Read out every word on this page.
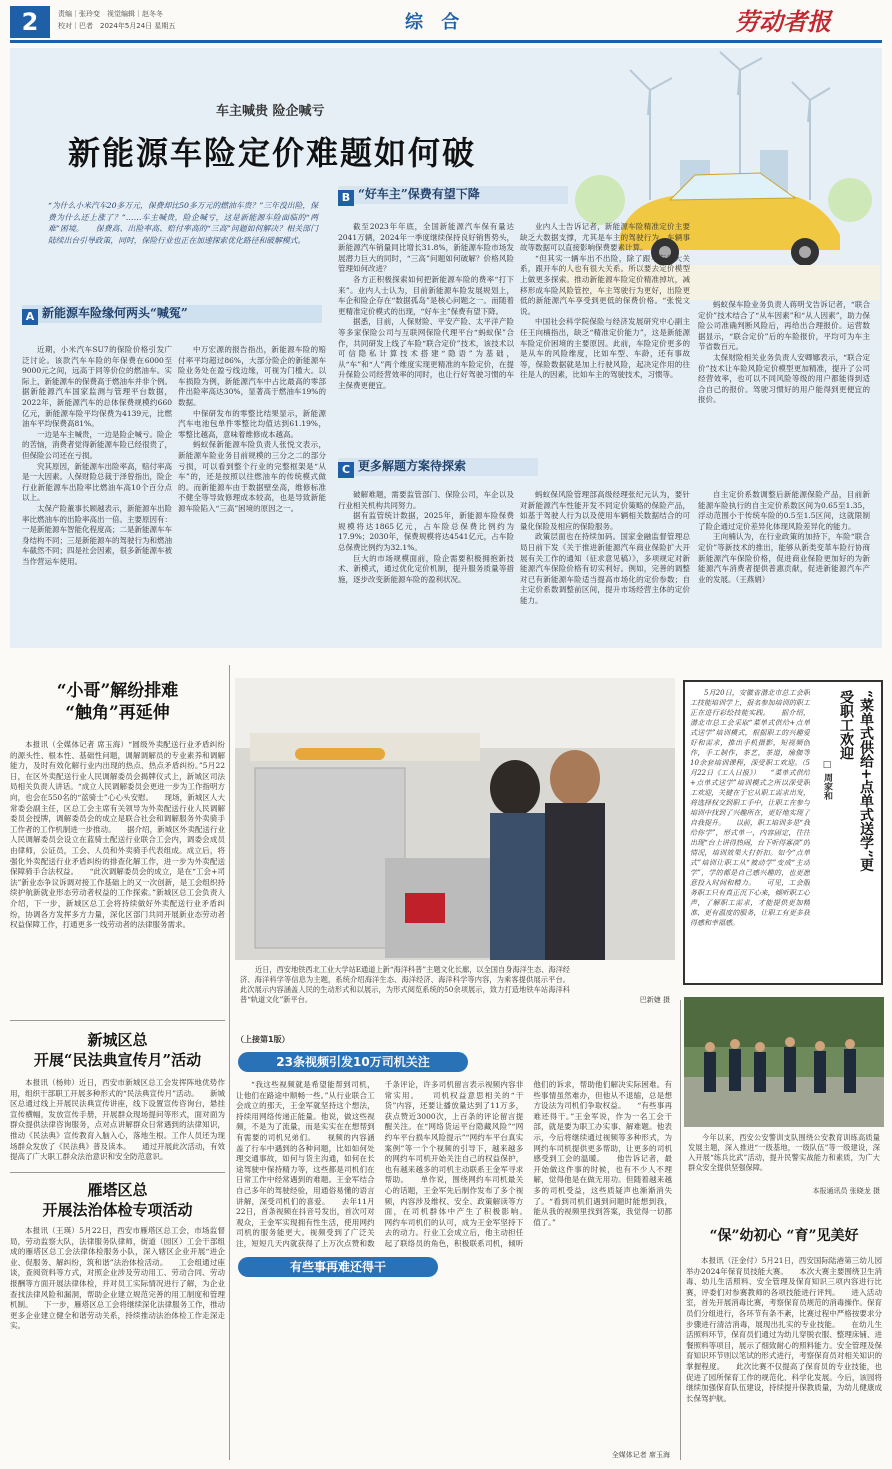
2	责编｜张玲变　视觉编辑｜赵冬冬
校对｜巴者　2024年5月24日 星期五	综 合	劳动者报
车主喊贵 险企喊亏
新能源车险定价难题如何破
“为什么小米汽车20多万元，保费却比50多万元的燃油车贵？”三年没出险，保费为什么还上涨了？”……车主喊贵，险企喊亏，这是新能源车险面临的“两难”困境。　　保费高、出险率高、赔付率高的“三高”问题如何解决？相关部门陆续出台引导政策，同时，保险行业也正在加速探索优化路径和破解模式。
A $^{新能源车险缘何两头“喊冤”}$

近期，小米汽车SU7的保险价格引发广泛讨论。该款汽车车险的年保费在6000至9000元之间，远高于同等价位的燃油车。实际上，新能源车的保费高于燃油车并非个例。据新能源汽车国家监测与管理平台数据，2022年，新能源汽车的总体保费规模约660亿元，新能源车险平均保费为4139元，比燃油车平均保费高81%。

一边是车主喊贵，一边是险企喊亏。险企的苦恼，消费者觉得新能源车险已经很贵了，但保险公司还在亏损。

究其原因，新能源车出险率高，赔付率高是一大因素。人保财险总裁于泽曾指出，险企行业新能源车出险率比燃油车高10个百分点以上。

太保产险董事长顾越表示，新能源车出险率比燃油车的出险率高出一倍。主要原因有：一是新能源车智能化程度高；二是新能源车车身结构不同；三是新能源车的驾驶行为和燃油车截然不同；四是社会因素，很多新能源车被当作营运车使用。

中万宏源的报告指出，新能源车险的赔付率平均超过86%，大部分险企的新能源车险业务处在盈亏线边缘，可视为门槛大。以车损险为例，新能源汽车中占比最高的零部件出险率高达30%，显著高于燃油车19%的数据。

中保研发布的零整比结果显示，新能源汽车电池包单件零整比均值达到61.19%，零整比越高，意味着维修成本越高。

蚂蚁保新能源车险负责人张悦文表示，新能源车险业务目前规模的三分之二的部分亏损，可以看到整个行业的完整框架是“从车”的，还是按照以往燃油车的传统模式做的。而新能源车由于数据壁垒高，维修标准不健全等导致修理成本较高，也是导致新能源车险陷入“三高”困境的原因之一。

B $^{“好车主”保费有望下降}$

截至2023年年底，全国新能源汽车保有量达2041万辆，2024年一季度继续保持良好销售势头，新能源汽车销量同比增长31.8%，新能源车险市场发展潜力巨大的同时，“三高”问题如何破解？价格风险管理如何改进？

各方正积极探索如何把新能源车险的费率“打下来”。业内人士认为，目前新能源车险发展规划上，车企和险企存在“数据孤岛”是核心问题之一。而随着更精准定价模式的出现，“好车主”保费有望下降。

据悉，目前，人保财险、平安产险、太平洋产险等多家保险公司与互联网保险代理平台“蚂蚁保”合作，共同研发上线了车险“联合定价”技术，该技术以可信隐私计算技术搭建“隐语”为基础，从“车”和“人”两个维度实现更精准的车险定价，在提升保险公司经营效率的同时，也让行好驾驶习惯的车主保费更便宜。

业内人士告诉记者，新能源车险精准定价主要缺乏大数据支撑，尤其是车主的驾驶行为，车辆事故等数据可以直接影响保费要素计算。

“但其实一辆车出不出险，除了跟车有很大关系，跟开车的人也有很大关系。所以要去定价模型上做更多探索。推动新能源车险定价精准掉坑，减移形成车险风险管控，车主驾驶行为更好，出险更低的新能源汽车享受到更低的保费价格。“张悦文说。

中国社会科学院保险与经济发展研究中心副主任王向楠指出，缺乏“精准定价能力”，这是新能源车险定价困境的主要原因。此前，车险定价更多的是从车的风险维度，比如车型、车龄，还有事故等，保险数据就是加上行驶风险，起决定作用的往往是人的因素，比如车主的驾驶技术，习惯等。

蚂蚁保车险业务负责人蒋明戈告诉记者，“联合定价”技术结合了“从车因素”和“从人因素”，助力保险公司准确判断风险后，再给出合理报价。运营数据显示，“联合定价”后的车险报价，平均可为车主节省数百元。

太保财险相关业务负责人安卿娜表示，“联合定价”技术让车险风险定价模型更加精准，提升了公司经营效率，也可以不同风险等级的用户都能得到适合自己的报价。驾驶习惯好的用户能得到更便宜的报价。

C $^{更多解题方案待探索}$

破解难题，需要监管部门、保险公司，车企以及行业相关机构共同努力。

据有监管统计数据，2025年，新能源车险保费规模将达1865亿元，占车险总保费比例约为17.9%；2030年，保费规模将达4541亿元，占车险总保费比例约为32.1%。

巨大的市场规模面前，险企需要积极拥抱新技术、新模式，通过优化定价机制，提升服务质量等措施，逐步改变新能源车险的盈利状况。

蚂蚁保风险管理部高级经理张纪元认为，要针对新能源汽车性能开发不同定价策略的保险产品，如基于驾驶人行为以及使用车辆相关数据结合的可量化保险及相应的保险服务。

政策层面也在持续加码。国家金融监督管理总局日前下发《关于推进新能源汽车商业保险扩大开展有关工作的通知（征求意见稿）》，多项规定对新能源汽车保险价格有切实利好。例如，完善的调整对已有新能源车险适当提高市场化的定价参数；自主定价系数调整前区间，提升市场经营主体的定价能力。

自主定价系数调整后新能源保险产品，目前新能源车险执行的自主定价系数区间为0.65至1.35，浮动范围小于传统车险的0.5至1.5区间，这就限制了险企通过定价差异化体现风险差异化的能力。

王向楠认为，在行业政策的加持下，车险“联合定价”等新技术的推出，能够从新类变革车险行协商新能源汽车保险价格，促进商业保险更加好的为新能源汽车消费者提供普惠贡献，促进新能源汽车产业的发展。（王燕娟）

“小哥”解纷排难
“触角”再延伸
本报讯（全媒体记者 席玉海）“圆级外卖配送行业矛盾纠纷的源头性、根本性、基础性问题，调解调解员的专业素养和调解能力，及时有效化解行业内出现的热点、热点矛盾纠纷。”5月22日，在区外卖配送行业人民调解委员会揭牌仪式上，新城区司法局相关负责人讲话。“成立人民调解委员会更进一步为工作指明方向，也会在550名的“蓝骑士”心心头安慰。　　现场，新城区人大常委会副主任，区总工会主席有关领导为外卖配送行业人民调解委员会授牌，调解委员会的成立是联合社会和调解服务外卖骑手工作者的工作机制进一步推动。　　据介绍，新城区外卖配送行业人民调解委员会设立在蓝骑士配送行业联合工会内，调委会成员由律师，公证员，工会、人员和外卖骑手代表组成。成立后，将强化外卖配送行业矛盾纠纷的排查化解工作，进一步为外卖配送保障骑手合法权益。　　“此次调解委员会的成立，是在“工会+司法”新业态争议诉调对接工作基础上的又一次创新，是工会组织持续护航新就业形态劳动者权益的工作探索。”新城区总工会负责人介绍，下一步，新城区总工会将持续做好外卖配送行业矛盾纠纷，协调各方发挥多方力量，深化区部门共同开展新业态劳动者权益保障工作，打通更多一线劳动者的法律服务需求。
新城区总
开展“民法典宣传月”活动
本报讯（杨帅）近日，西安市新城区总工会发挥阵地优势作用，组织干部职工开展多种形式的“民法典宣传月”活动。　　新城区总通过线上开展民法典宣传讲座，线下设置宣传咨询台，悬挂宣传横幅，发放宣传手册，开展群众现场提问等形式，面对面为群众提供法律咨询服务，点对点讲解群众日常遇到的法律知识，推动《民法典》宣传教育入脑入心，落地生根。工作人员还为现场群众发放了《民法典》普及读本。　　通过开展此次活动，有效提高了广大职工群众法治意识和安全防范意识。
雁塔区总
开展法治体检专项活动
本报讯（王瑛）5月22日，西安市雁塔区总工会，市场监督局，劳动监察大队，法律服务队律师，街道（园区）工会干部组成的雁塔区总工会法律体检服务小队，深入辖区企业开展“进企业、促服务、解纠纷，筑和谐”法治体检活动。　　工会组通过座谈，查阅资料等方式，对照企业涉及劳动用工、劳动合同、劳动报酬等方面开展法律体检，并对员工实际情况进行了解，为企业查找法律风险和漏洞，帮助企业建立规范完善的用工制度和管理机制。　　下一步，雁塔区总工会将继续深化法律服务工作，推动更多企业建立健全和谐劳动关系，持续推动法治体检工作走深走实。
近日，西安地铁西北工业大学站E通道上新“海洋科普”主题文化长廊，以全国自身海洋生态、海洋经济、海洋科学等信息为主题，系统介绍海洋生态、海洋经济、海洋科学等内容，为乘客提供展示平台。此次展示内容涵盖人民的生动形式和以展示，为形式阅览系统的50余项展示，致力打造地铁车站海洋科普“轨道文化”新平台。	巴新婕 摄
“菜单式供给+点单式送学”更受职工欢迎
□ 周家和
5月20日，安徽省潜北市总工会职工技能培训学上，报名参加培训的职工正在进行彩绘技能实践。　　据介绍，潜北市总工会采取“菜单式供给+点单式送学”培训模式，根据职工的兴趣爱好和需求，推出手机摄影，短视频创作，手工制作，茶艺，茶道，瑜伽等10余套培训课程，深受职工欢迎。（5月22日《工人日报》）　　“菜单式供给+点单式送学”培训模式之所以深受职工欢迎，关键在于它从职工需求出发，将选择权交到职工手中，让职工在参与培训中找到了兴趣所在，更好地实现了自我提升。　　以前，职工培训多是“我给你学”，形式单一，内容固定，往往出现“台上讲得热闹，台下听得寡淡”的情况，培训效果大打折扣。如今“点单式”培训让职工从“被动学”变成“主动学”，学的都是自己感兴趣的，也更愿意投入时间和精力。　　可见，工会服务职工只有真正沉下心来，倾听职工心声，了解职工需求，才能提供更加精准、更有温度的服务，让职工有更多获得感和幸福感。
今年以来，西安公安警训支队围绕公安教育训练高质量发展主题，深入推进“一级基地，一级队伍”等一级建设，深入开展“练兵比武”活动，提升民警实战能力和素质，为广大群众安全提供坚强保障。
本报通讯员 张晓龙 摄
（上接第1版）
23条视频引发10万司机关注

“我这些视频就是希望能帮到司机，让他们在路途中顺畅一些。”从行业联合工会成立的那天，王金军就坚持这个想法，持续用网络传递正能量。他说，做这些视频，不是为了流量，而是实实在在想帮到有需要的司机兄弟们。　　视频的内容涵盖了行车中遇到的各种问题，比如如何处理交通事故，如何与货主沟通，如何在长途驾驶中保持精力等，这些都是司机们在日常工作中经常遇到的难题。王金军结合自己多年的驾驶经验，用通俗易懂的语言讲解，深受司机们的喜爱。　　去年11月22日，首条视频在抖音号发出，首次可对观众，王金军实现拥有性生活，使用网约司机的服务能更大。视频受到了广泛关注，短短几天内就获得了上万次点赞和数千条评论，许多司机留言表示视频内容非常实用。　　司机权益意思相关的“干货”内容，还要让播放量达到了11万多，获点赞近3000次，上百条的评论留言提醒关注。在“网络货运平台隐藏风险”“网约车平台损车风险提示”“网约车平台真实案例”等一个个视频的引导下，越来越多的网约车司机开始关注自己的权益保护，也有越来越多的司机主动联系王金军寻求帮助。　　单作说，围绕网约车司机最关心的话题，王金军先后制作发布了多个视频，内容涉及维权、安全、政策解读等方面，在司机群体中产生了积极影响。　　网约车司机们的认可，成为王金军坚持下去的动力。行业工会成立后，他主动担任起了联络员的角色，积极联系司机，倾听他们的诉求，帮助他们解决实际困难。有些事情虽然难办，但他从不退缩，总是想方设法为司机们争取权益。　　“有些事再难还得干。”王金军说，作为一名工会干部，就是要为职工办实事、解难题。他表示，今后将继续通过视频等多种形式，为网约车司机提供更多帮助，让更多的司机感受到工会的温暖。　　他告诉记者，最开始做这件事的时候，也有不少人不理解，觉得他是在做无用功。但随着越来越多的司机受益，这些质疑声也渐渐消失了。“看到司机们遇到问题时能想到我，能从我的视频里找到答案，我觉得一切都值了。”

有些事再难还得干
全媒体记者 席玉海
“保”幼初心 “育”见美好
本报讯（汪金付）5月21日，西安国际陆港第三幼儿园举办2024年保育员技能大赛。　　本次大赛主要围绕卫生消毒、幼儿生活照料、安全管理及保育知识三项内容进行比赛，评委们对参赛教师的各项技能进行评判。　　进入活动室，首先开展消毒比赛，考察保育员规范的消毒操作。保育员们分组进行，各环节有条不紊，比赛过程中严格按要求分步骤进行清洁消毒，展现出扎实的专业技能。　　在幼儿生活照料环节，保育员们通过为幼儿穿脱衣服、整理床铺、进餐照料等项目，展示了细致耐心的照料能力。安全管理及保育知识环节则以笔试的形式进行，考察保育员对相关知识的掌握程度。　　此次比赛不仅提高了保育员的专业技能，也促进了园所保育工作的规范化、科学化发展。今后，该园将继续加强保育队伍建设，持续提升保教质量，为幼儿健康成长保驾护航。
